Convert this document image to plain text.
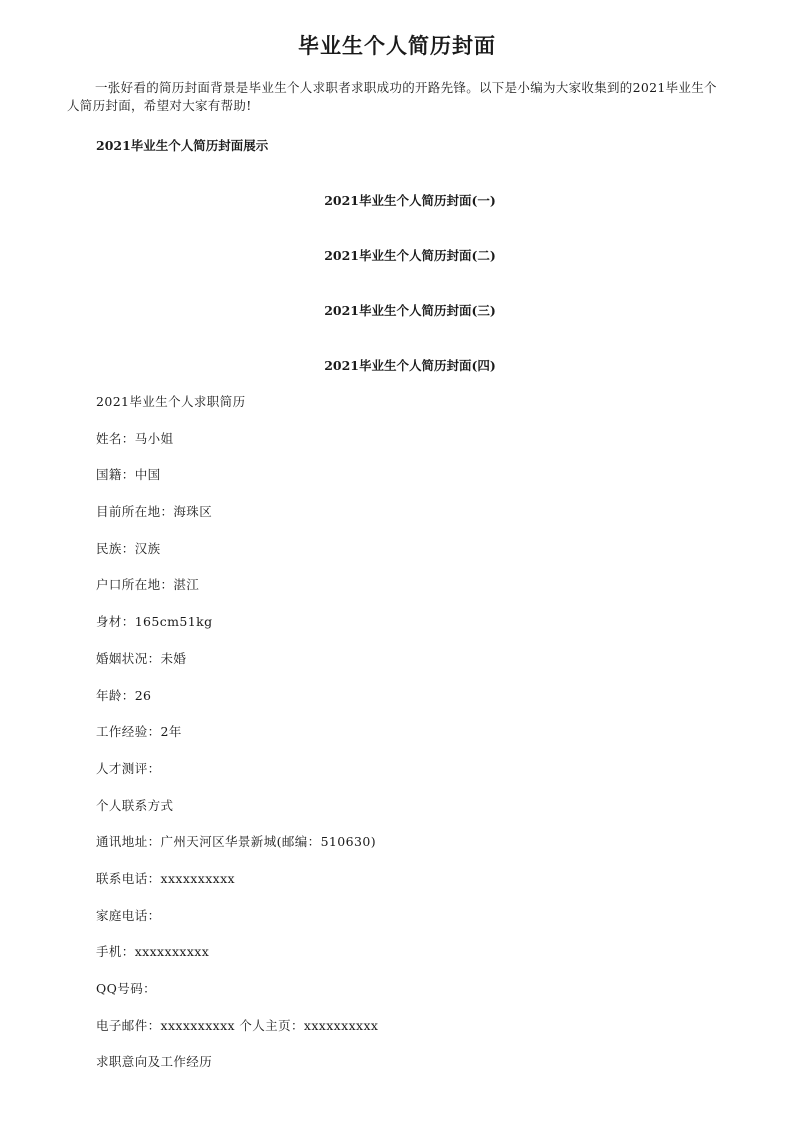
毕业生个人简历封面

一张好看的简历封面背景是毕业生个人求职者求职成功的开路先锋。以下是小编为大家收集到的2021毕业生个人简历封面，希望对大家有帮助!

2021毕业生个人简历封面展示

2021毕业生个人简历封面(一)

2021毕业生个人简历封面(二)

2021毕业生个人简历封面(三)

2021毕业生个人简历封面(四)

2021毕业生个人求职简历
姓名：马小姐
国籍：中国
目前所在地：海珠区
民族：汉族
户口所在地：湛江
身材：165cm51kg
婚姻状况：未婚
年龄：26
工作经验：2年
人才测评：
个人联系方式
通讯地址：广州天河区华景新城(邮编：510630)
联系电话：xxxxxxxxxx
家庭电话：
手机：xxxxxxxxxx
QQ号码：
电子邮件：xxxxxxxxxx 个人主页：xxxxxxxxxx
求职意向及工作经历
